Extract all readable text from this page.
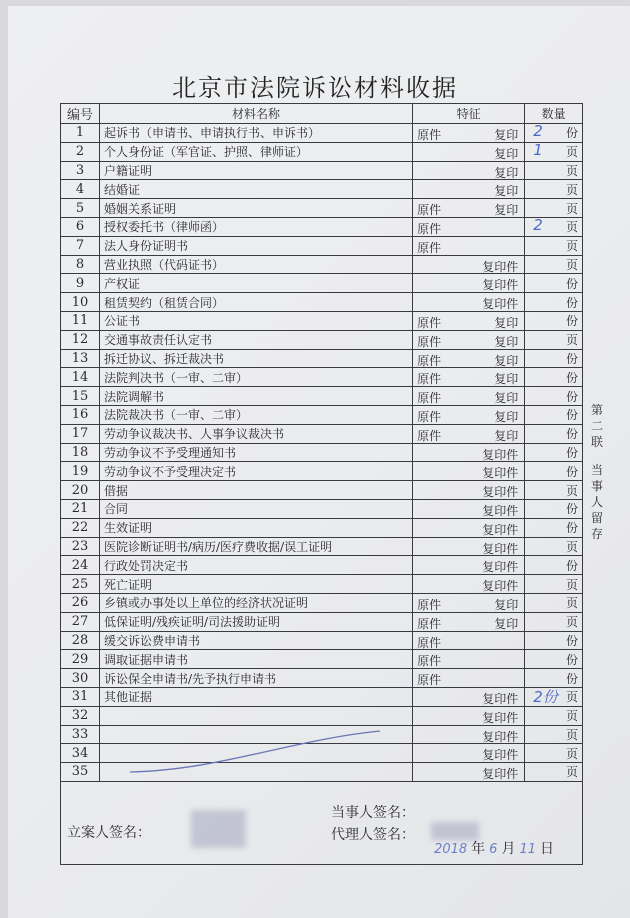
北京市法院诉讼材料收据
编号	材料名称	特征	数量
1	起诉书（申请书、申请执行书、申诉书）	原件 复印	2 份
2	个人身份证（军官证、护照、律师证）	复印	1 页
3	户籍证明	复印	页
4	结婚证	复印	页
5	婚姻关系证明	原件 复印	页
6	授权委托书（律师函）	原件	2 页
7	法人身份证明书	原件	页
8	营业执照（代码证书）	复印件	页
9	产权证	复印件	份
10	租赁契约（租赁合同）	复印件	份
11	公证书	原件 复印	份
12	交通事故责任认定书	原件 复印	页
13	拆迁协议、拆迁裁决书	原件 复印	份
14	法院判决书（一审、二审）	原件 复印	份
15	法院调解书	原件 复印	份
16	法院裁决书（一审、二审）	原件 复印	份
17	劳动争议裁决书、人事争议裁决书	原件 复印	份
18	劳动争议不予受理通知书	复印件	份
19	劳动争议不予受理决定书	复印件	份
20	借据	复印件	页
21	合同	复印件	份
22	生效证明	复印件	份
23	医院诊断证明书/病历/医疗费收据/误工证明	复印件	页
24	行政处罚决定书	复印件	份
25	死亡证明	复印件	页
26	乡镇或办事处以上单位的经济状况证明	原件 复印	页
27	低保证明/残疾证明/司法援助证明	原件 复印	页
28	缓交诉讼费申请书	原件	份
29	调取证据申请书	原件	份
30	诉讼保全申请书/先予执行申请书	原件	份
31	其他证据	复印件	2份 页
32		复印件	页
33		复印件	页
34		复印件	页
35		复印件	页

立案人签名：
当事人签名：
代理人签名：
2018 年 6 月 11 日			
第二联
当事人留存
